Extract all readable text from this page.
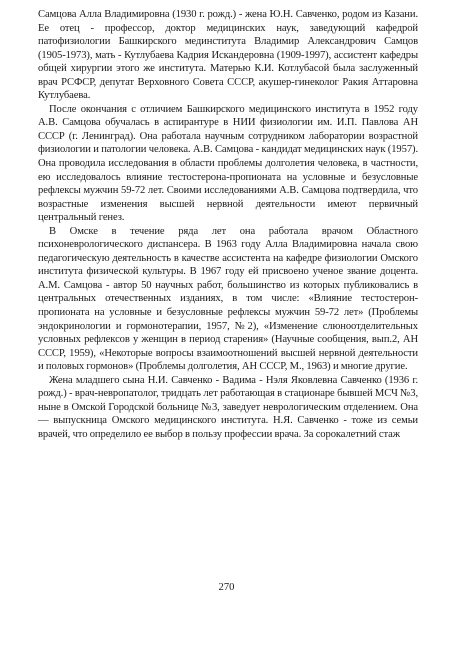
Самцова Алла Владимировна (1930 г. рожд.) - жена Ю.Н. Савченко, родом из Казани. Ее отец - профессор, доктор медицинских наук, заведующий кафедрой патофизиологии Башкирского мединститута Владимир Александрович Самцов (1905-1973), мать - Кутлубаева Кадрия Искандеровна (1909-1997), ассистент кафедры общей хирургии этого же института. Матерью К.И. Котлубасой была заслуженный врач РСФСР, депутат Верховного Совета СССР, акушер-гинеколог Ракия Аттаровна Кутлубаева.

После окончания с отличием Башкирского медицинского института в 1952 году А.В. Самцова обучалась в аспирантуре в НИИ физиологии им. И.П. Павлова АН СССР (г. Ленинград). Она работала научным сотрудником лаборатории возрастной физиологии и патологии человека. А.В. Самцова - кандидат медицинских наук (1957). Она проводила исследования в области проблемы долголетия человека, в частности, ею исследовалось влияние тестостерона-пропионата на условные и безусловные рефлексы мужчин 59-72 лет. Своими исследованиями А.В. Самцова подтвердила, что возрастные изменения высшей нервной деятельности имеют первичный центральный генез.

В Омске в течение ряда лет она работала врачом Областного психоневрологического диспансера. В 1963 году Алла Владимировна начала свою педагогическую деятельность в качестве ассистента на кафедре физиологии Омского института физической культуры. В 1967 году ей присвоено ученое звание доцента. А.М. Самцова - автор 50 научных работ, большинство из которых публиковались в центральных отечественных изданиях, в том числе: «Влияние тестостерон-пропионата на условные и безусловные рефлексы мужчин 59-72 лет» (Проблемы эндокринологии и гормонотерапии, 1957, №2), «Изменение слюноотделительных условных рефлексов у женщин в период старения» (Научные сообщения, вып.2, АН СССР, 1959), «Некоторые вопросы взаимоотношений высшей нервной деятельности и половых гормонов» (Проблемы долголетия, АН СССР, М., 1963) и многие другие.

Жена младшего сына Н.И. Савченко - Вадима - Нэля Яковлевна Савченко (1936 г. рожд.) - врач-невропатолог, тридцать лет работающая в стационаре бывшей МСЧ №3, ныне в Омской Городской больнице №3, заведует неврологическим отделением. Она — выпускница Омского медицинского института. Н.Я. Савченко - тоже из семьи врачей, что определило ее выбор в пользу профессии врача. За сорокалетний стаж

270
